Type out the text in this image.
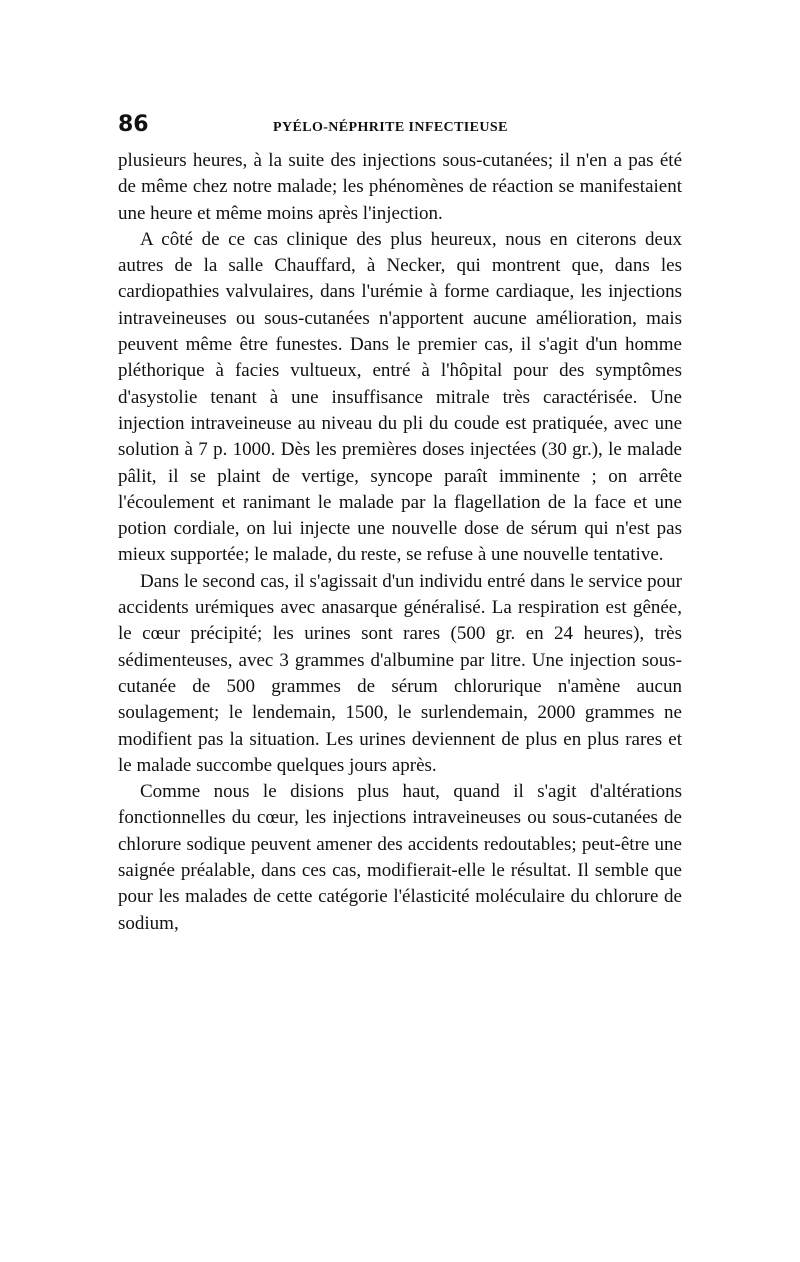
86	PYÉLO-NÉPHRITE INFECTIEUSE

plusieurs heures, à la suite des injections sous-cutanées; il n'en a pas été de même chez notre malade; les phénomènes de réaction se manifestaient une heure et même moins après l'injection.

A côté de ce cas clinique des plus heureux, nous en citerons deux autres de la salle Chauffard, à Necker, qui montrent que, dans les cardiopathies valvulaires, dans l'urémie à forme cardiaque, les injections intraveineuses ou sous-cutanées n'apportent aucune amélioration, mais peuvent même être funestes. Dans le premier cas, il s'agit d'un homme pléthorique à facies vultueux, entré à l'hôpital pour des symptômes d'asystolie tenant à une insuffisance mitrale très caractérisée. Une injection intraveineuse au niveau du pli du coude est pratiquée, avec une solution à 7 p. 1000. Dès les premières doses injectées (30 gr.), le malade pâlit, il se plaint de vertige, syncope paraît imminente ; on arrête l'écoulement et ranimant le malade par la flagellation de la face et une potion cordiale, on lui injecte une nouvelle dose de sérum qui n'est pas mieux supportée; le malade, du reste, se refuse à une nouvelle tentative.

Dans le second cas, il s'agissait d'un individu entré dans le service pour accidents urémiques avec anasarque généralisé. La respiration est gênée, le cœur précipité; les urines sont rares (500 gr. en 24 heures), très sédimenteuses, avec 3 grammes d'albumine par litre. Une injection sous-cutanée de 500 grammes de sérum chlorurique n'amène aucun soulagement; le lendemain, 1500, le surlendemain, 2000 grammes ne modifient pas la situation. Les urines deviennent de plus en plus rares et le malade succombe quelques jours après.

Comme nous le disions plus haut, quand il s'agit d'altérations fonctionnelles du cœur, les injections intraveineuses ou sous-cutanées de chlorure sodique peuvent amener des accidents redoutables; peut-être une saignée préalable, dans ces cas, modifierait-elle le résultat. Il semble que pour les malades de cette catégorie l'élasticité moléculaire du chlorure de sodium,
